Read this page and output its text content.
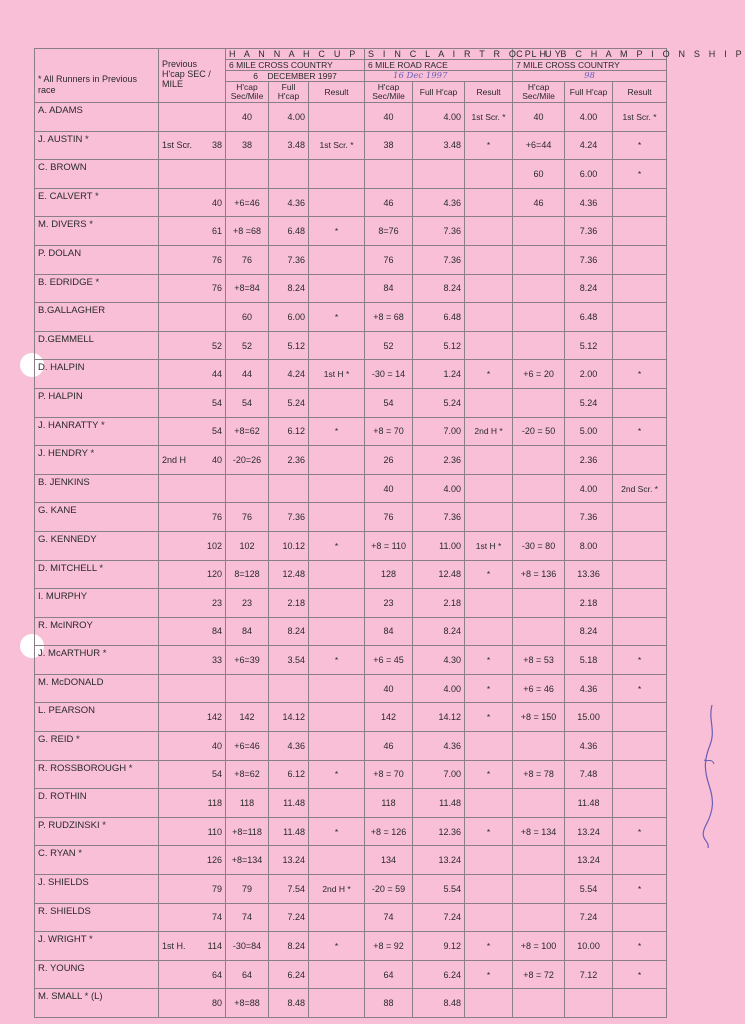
* All Runners in Previous race	Previous H'cap SEC / MILE	H A N N A H C U P			S I N C L A I R T R O P H Y			C L U B C H A M P I O N S H I P		
		6 MILE CROSS COUNTRY			6 MILE ROAD RACE			7 MILE CROSS COUNTRY		
		6 DECEMBER 1997			16 Dec 1997			98		
		H'cap Sec/Mile	Full H'cap	Result	H'cap Sec/Mile	Full H'cap	Result	H'cap Sec/Mile	Full H'cap	Result
A. ADAMS		40	4.00		40	4.00	1st Scr. *	40	4.00	1st Scr. *
J. AUSTIN *	1st Scr. 38	38	3.48	1st Scr. *	38	3.48	*	+6=44	4.24	*
C. BROWN								60	6.00	*
E. CALVERT *	40	+6=46	4.36		46	4.36		46	4.36	
M. DIVERS *	61	+8 =68	6.48	*	8=76	7.36			7.36	
P. DOLAN	76	76	7.36		76	7.36			7.36	
B. EDRIDGE *	76	+8=84	8.24		84	8.24			8.24	
B.GALLAGHER		60	6.00	*	+8 = 68	6.48			6.48	
D.GEMMELL	52	52	5.12		52	5.12			5.12	
D. HALPIN	44	44	4.24	1st H *	-30 = 14	1.24	*	+6 = 20	2.00	*
P. HALPIN	54	54	5.24		54	5.24			5.24	
J. HANRATTY *	54	+8=62	6.12	*	+8 = 70	7.00	2nd H *	-20 = 50	5.00	*
J. HENDRY *	2nd H 40	-20=26	2.36		26	2.36			2.36	
B. JENKINS					40	4.00			4.00	2nd Scr. *
G. KANE	76	76	7.36		76	7.36			7.36	
G. KENNEDY	102	102	10.12	*	+8 = 110	11.00	1st H *	-30 = 80	8.00	
D. MITCHELL *	120	8=128	12.48		128	12.48	*	+8 = 136	13.36	
I. MURPHY	23	23	2.18		23	2.18			2.18	
R. McINROY	84	84	8.24		84	8.24			8.24	
J. McARTHUR *	33	+6=39	3.54	*	+6 = 45	4.30	*	+8 = 53	5.18	*
M. McDONALD					40	4.00	*	+6 = 46	4.36	*
L. PEARSON	142	142	14.12		142	14.12	*	+8 = 150	15.00	
G. REID *	40	+6=46	4.36		46	4.36			4.36	
R. ROSSBOROUGH *	54	+8=62	6.12	*	+8 = 70	7.00	*	+8 = 78	7.48	
D. ROTHIN	118	118	11.48		118	11.48			11.48	
P. RUDZINSKI *	110	+8=118	11.48	*	+8 = 126	12.36	*	+8 = 134	13.24	*
C. RYAN *	126	+8=134	13.24		134	13.24			13.24	
J. SHIELDS	79	79	7.54	2nd H *	-20 = 59	5.54			5.54	*
R. SHIELDS	74	74	7.24		74	7.24			7.24	
J. WRIGHT *	1st H. 114	-30=84	8.24	*	+8 = 92	9.12	*	+8 = 100	10.00	*
R. YOUNG	64	64	6.24		64	6.24	*	+8 = 72	7.12	*
M. SMALL * (L)	80	+8=88	8.48		88	8.48				
